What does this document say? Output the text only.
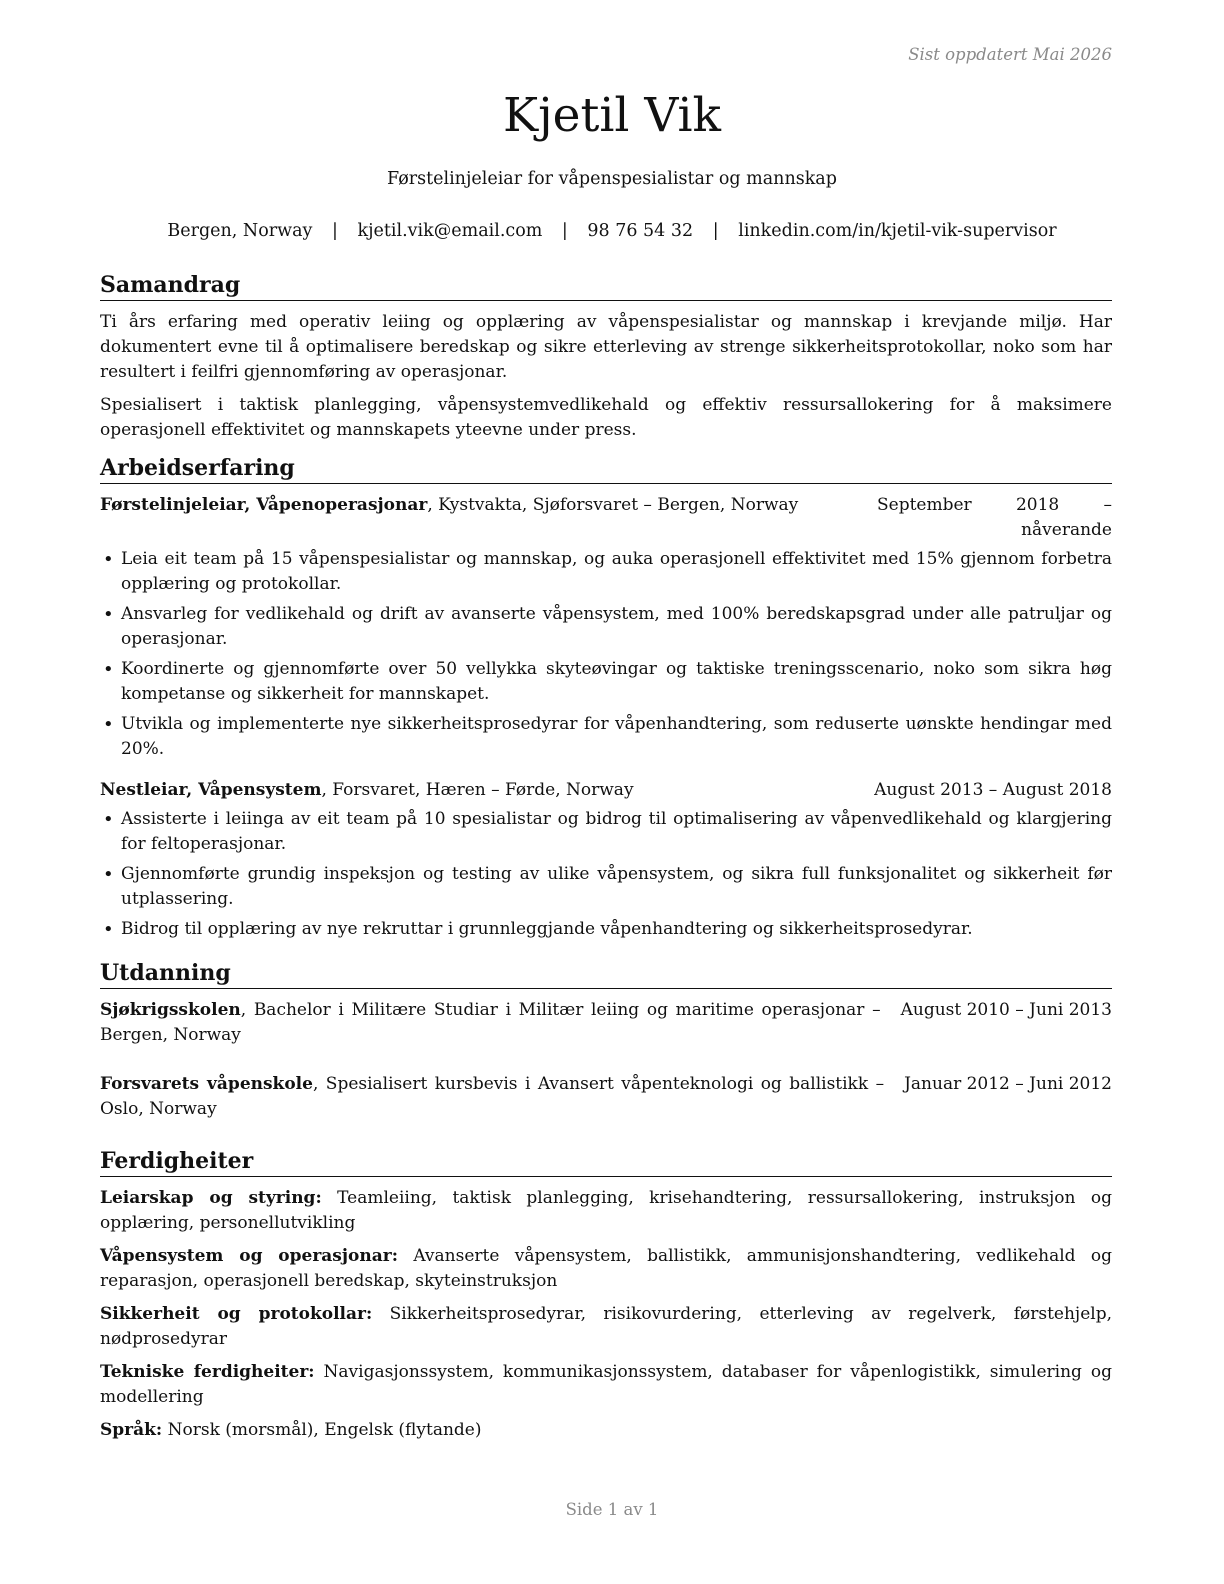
Sist oppdatert Mai 2026
Kjetil Vik
Førstelinjeleiar for våpenspesialistar og mannskap
Bergen, Norway | kjetil.vik@email.com | 98 76 54 32 | linkedin.com/in/kjetil-vik-supervisor
Samandrag

Ti års erfaring med operativ leiing og opplæring av våpenspesialistar og mannskap i krevjande miljø. Har dokumentert evne til å optimalisere beredskap og sikre etterleving av strenge sikkerheitsprotokollar, noko som har resultert i feilfri gjennomføring av operasjonar.

Spesialisert i taktisk planlegging, våpensystemvedlikehald og effektiv ressursallokering for å maksimere operasjonell effektivitet og mannskapets yteevne under press.

Arbeidserfaring
Førstelinjeleiar, Våpenoperasjonar, Kystvakta, Sjøforsvaret – Bergen, Norway	September 2018 – nåverande
• Leia eit team på 15 våpenspesialistar og mannskap, og auka operasjonell effektivitet med 15% gjennom forbetra opplæring og protokollar.
• Ansvarleg for vedlikehald og drift av avanserte våpensystem, med 100% beredskapsgrad under alle patruljar og operasjonar.
• Koordinerte og gjennomførte over 50 vellykka skyteøvingar og taktiske treningsscenario, noko som sikra høg kompetanse og sikkerheit for mannskapet.
• Utvikla og implementerte nye sikkerheitsprosedyrar for våpenhandtering, som reduserte uønskte hendingar med 20%.
Nestleiar, Våpensystem, Forsvaret, Hæren – Førde, Norway	August 2013 – August 2018
• Assisterte i leiinga av eit team på 10 spesialistar og bidrog til optimalisering av våpenvedlikehald og klargjering for feltoperasjonar.
• Gjennomførte grundig inspeksjon og testing av ulike våpensystem, og sikra full funksjonalitet og sikkerheit før utplassering.
• Bidrog til opplæring av nye rekruttar i grunnleggjande våpenhandtering og sikkerheitsprosedyrar.
Utdanning
Sjøkrigsskolen, Bachelor i Militære Studiar i Militær leiing og maritime operasjonar – Bergen, Norway
August 2010 – Juni 2013
Forsvarets våpenskole, Spesialisert kursbevis i Avansert våpenteknologi og ballistikk – Oslo, Norway
Januar 2012 – Juni 2012
Ferdigheiter
Leiarskap og styring: Teamleiing, taktisk planlegging, krisehandtering, ressursallokering, instruksjon og opplæring, personellutvikling
Våpensystem og operasjonar: Avanserte våpensystem, ballistikk, ammunisjonshandtering, vedlikehald og reparasjon, operasjonell beredskap, skyteinstruksjon
Sikkerheit og protokollar: Sikkerheitsprosedyrar, risikovurdering, etterleving av regelverk, førstehjelp, nødprosedyrar
Tekniske ferdigheiter: Navigasjonssystem, kommunikasjonssystem, databaser for våpenlogistikk, simulering og modellering
Språk: Norsk (morsmål), Engelsk (flytande)
Side 1 av 1
